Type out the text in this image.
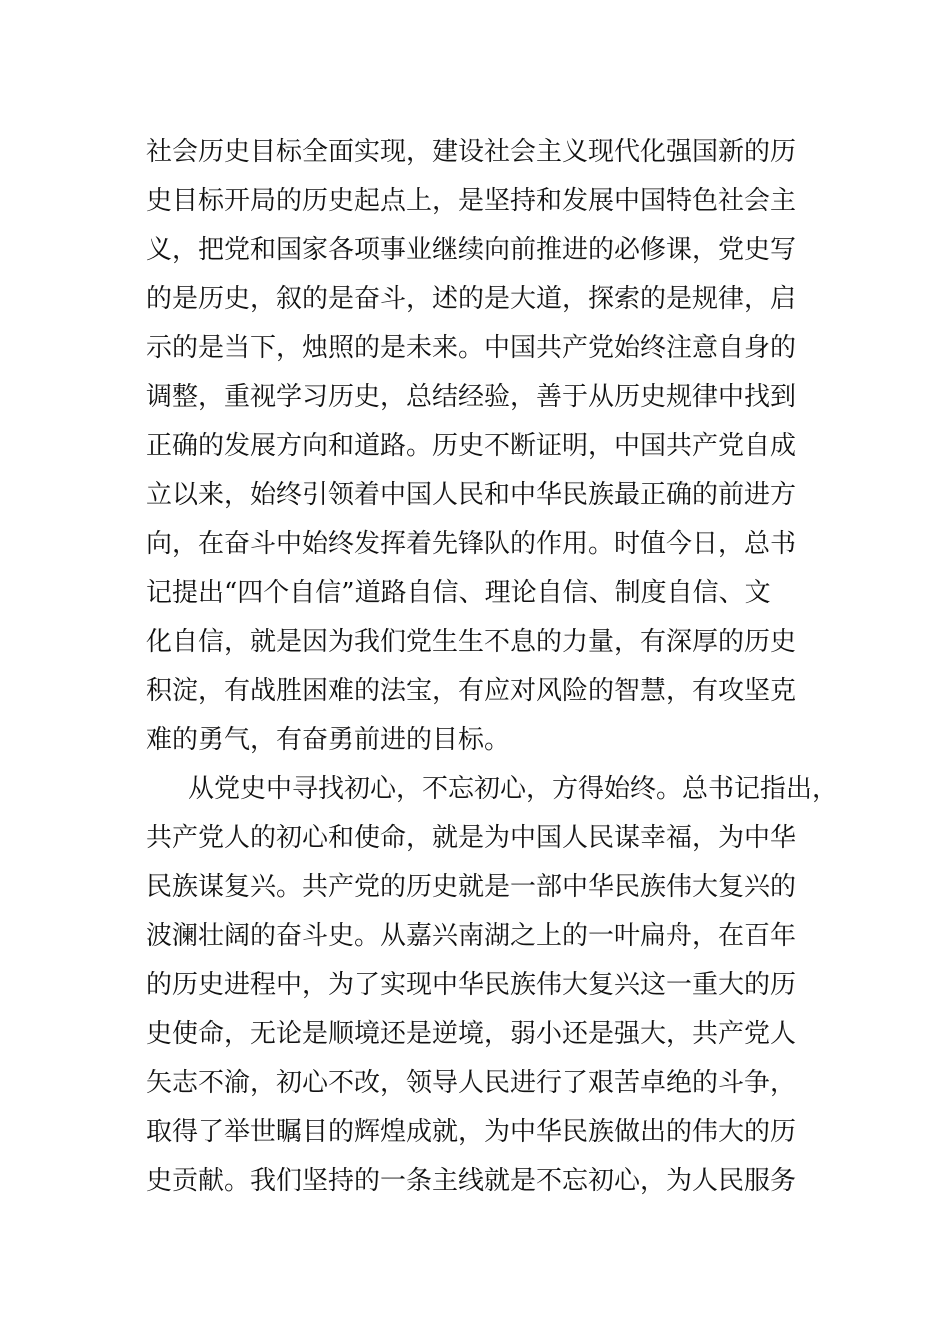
社会历史目标全面实现，建设社会主义现代化强国新的历
史目标开局的历史起点上，是坚持和发展中国特色社会主
义，把党和国家各项事业继续向前推进的必修课，党史写
的是历史，叙的是奋斗，述的是大道，探索的是规律，启
示的是当下，烛照的是未来。中国共产党始终注意自身的
调整，重视学习历史，总结经验，善于从历史规律中找到
正确的发展方向和道路。历史不断证明，中国共产党自成
立以来，始终引领着中国人民和中华民族最正确的前进方
向，在奋斗中始终发挥着先锋队的作用。时值今日，总书
记提出“四个自信”道路自信、理论自信、制度自信、文
化自信，就是因为我们党生生不息的力量，有深厚的历史
积淀，有战胜困难的法宝，有应对风险的智慧，有攻坚克
难的勇气，有奋勇前进的目标。
从党史中寻找初心，不忘初心，方得始终。总书记指出，
共产党人的初心和使命，就是为中国人民谋幸福，为中华
民族谋复兴。共产党的历史就是一部中华民族伟大复兴的
波澜壮阔的奋斗史。从嘉兴南湖之上的一叶扁舟，在百年
的历史进程中，为了实现中华民族伟大复兴这一重大的历
史使命，无论是顺境还是逆境，弱小还是强大，共产党人
矢志不渝，初心不改，领导人民进行了艰苦卓绝的斗争，
取得了举世瞩目的辉煌成就，为中华民族做出的伟大的历
史贡献。我们坚持的一条主线就是不忘初心，为人民服务
